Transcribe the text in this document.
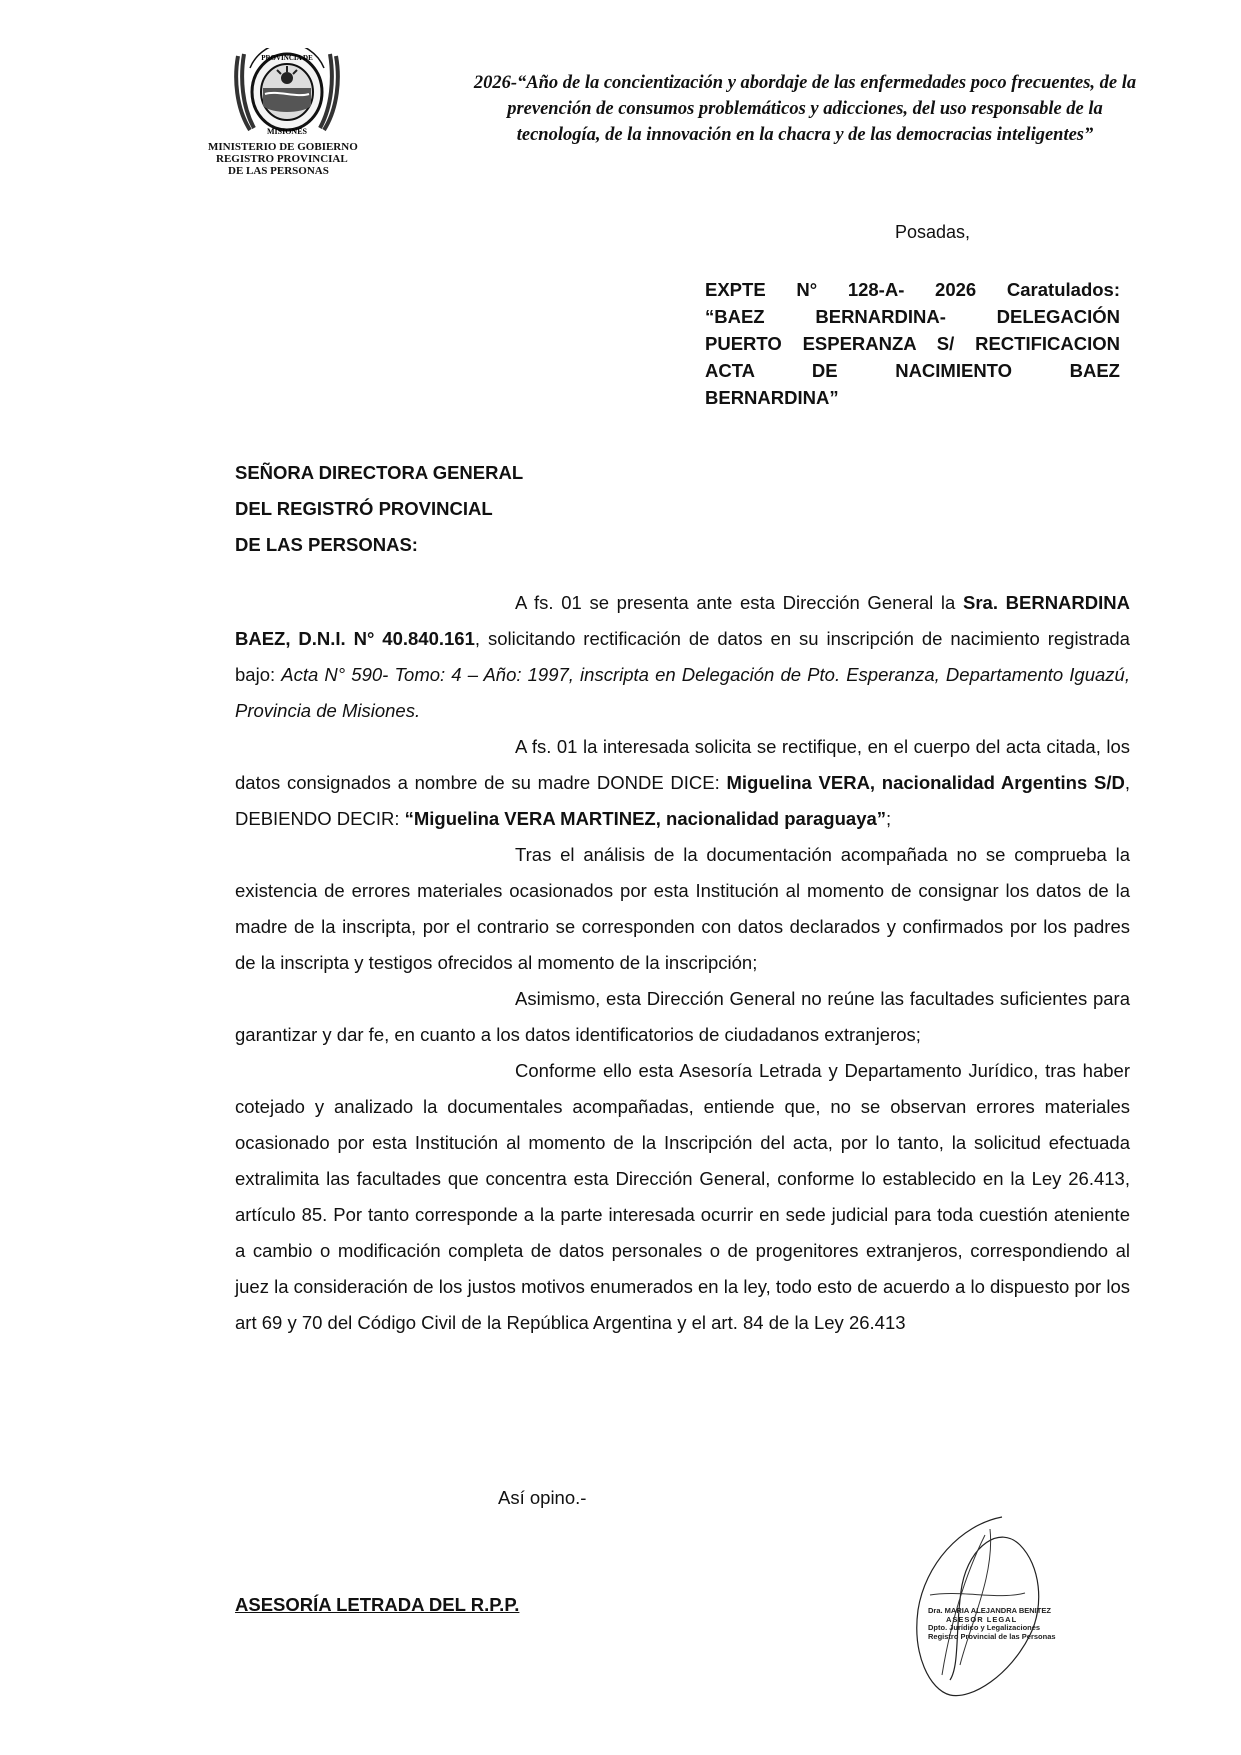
PROVINCIA DE
MISIONES
MINISTERIO DE GOBIERNO
REGISTRO PROVINCIAL
DE LAS PERSONAS
2026-“Año de la concientización y abordaje de las enfermedades poco frecuentes, de la
prevención de consumos problemáticos y adicciones, del uso responsable de la
tecnología, de la innovación en la chacra y de las democracias inteligentes”
Posadas,
EXPTE N° 128-A- 2026 Caratulados:
“BAEZ BERNARDINA- DELEGACIÓN
PUERTO ESPERANZA S/ RECTIFICACION
ACTA DE NACIMIENTO BAEZ
BERNARDINA”
SEÑORA DIRECTORA GENERAL
DEL REGISTRÓ PROVINCIAL
DE LAS PERSONAS:

A fs. 01 se presenta ante esta Dirección General la Sra. BERNARDINA BAEZ, D.N.I. N° 40.840.161, solicitando rectificación de datos en su inscripción de nacimiento registrada bajo: Acta N° 590- Tomo: 4 – Año: 1997, inscripta en Delegación de Pto. Esperanza, Departamento Iguazú, Provincia de Misiones.

A fs. 01 la interesada solicita se rectifique, en el cuerpo del acta citada, los datos consignados a nombre de su madre DONDE DICE: Miguelina VERA, nacionalidad Argentins S/D, DEBIENDO DECIR: “Miguelina VERA MARTINEZ, nacionalidad paraguaya”;

Tras el análisis de la documentación acompañada no se comprueba la existencia de errores materiales ocasionados por esta Institución al momento de consignar los datos de la madre de la inscripta, por el contrario se corresponden con datos declarados y confirmados por los padres de la inscripta y testigos ofrecidos al momento de la inscripción;

Asimismo, esta Dirección General no reúne las facultades suficientes para garantizar y dar fe, en cuanto a los datos identificatorios de ciudadanos extranjeros;

Conforme ello esta Asesoría Letrada y Departamento Jurídico, tras haber cotejado y analizado la documentales acompañadas, entiende que, no se observan errores materiales ocasionado por esta Institución al momento de la Inscripción del acta, por lo tanto, la solicitud efectuada extralimita las facultades que concentra esta Dirección General, conforme lo establecido en la Ley 26.413, artículo 85. Por tanto corresponde a la parte interesada ocurrir en sede judicial para toda cuestión ateniente a cambio o modificación completa de datos personales o de progenitores extranjeros, correspondiendo al juez la consideración de los justos motivos enumerados en la ley, todo esto de acuerdo a lo dispuesto por los art 69 y 70 del Código Civil de la República Argentina y el art. 84 de la Ley 26.413

Así opino.-
ASESORÍA LETRADA DEL R.P.P.	Dra. MARIA ALEJANDRA BENITEZ
ASESOR LEGAL
Dpto. Jurídico y Legalizaciones
Registro Provincial de las Personas
